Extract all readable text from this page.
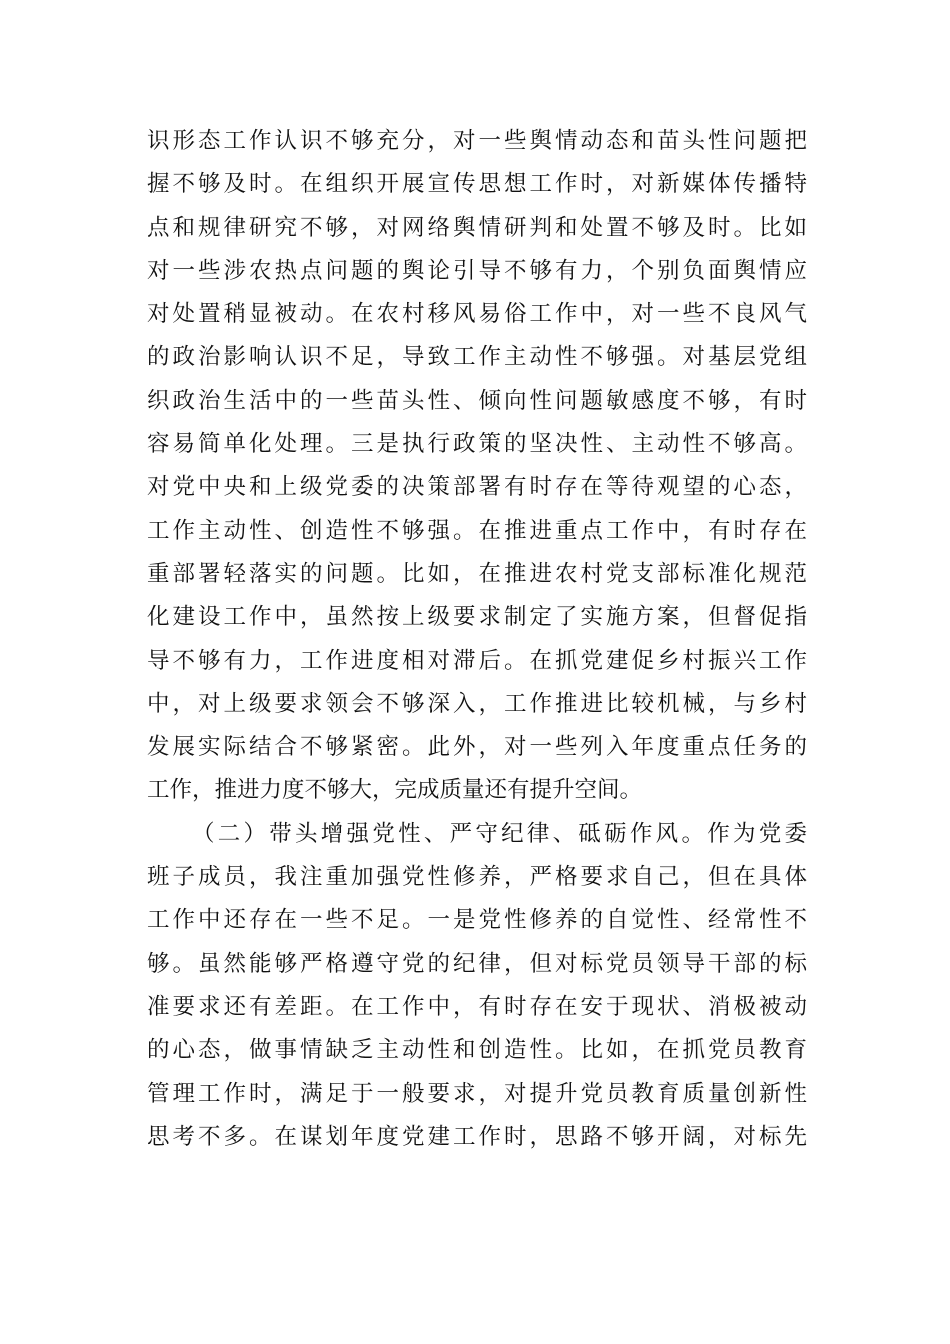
识形态工作认识不够充分，对一些舆情动态和苗头性问题把
握不够及时。在组织开展宣传思想工作时，对新媒体传播特
点和规律研究不够，对网络舆情研判和处置不够及时。比如
对一些涉农热点问题的舆论引导不够有力，个别负面舆情应
对处置稍显被动。在农村移风易俗工作中，对一些不良风气
的政治影响认识不足，导致工作主动性不够强。对基层党组
织政治生活中的一些苗头性、倾向性问题敏感度不够，有时
容易简单化处理。三是执行政策的坚决性、主动性不够高。
对党中央和上级党委的决策部署有时存在等待观望的心态，
工作主动性、创造性不够强。在推进重点工作中，有时存在
重部署轻落实的问题。比如，在推进农村党支部标准化规范
化建设工作中，虽然按上级要求制定了实施方案，但督促指
导不够有力，工作进度相对滞后。在抓党建促乡村振兴工作
中，对上级要求领会不够深入，工作推进比较机械，与乡村
发展实际结合不够紧密。此外，对一些列入年度重点任务的
工作，推进力度不够大，完成质量还有提升空间。
（二）带头增强党性、严守纪律、砥砺作风。作为党委
班子成员，我注重加强党性修养，严格要求自己，但在具体
工作中还存在一些不足。一是党性修养的自觉性、经常性不
够。虽然能够严格遵守党的纪律，但对标党员领导干部的标
准要求还有差距。在工作中，有时存在安于现状、消极被动
的心态，做事情缺乏主动性和创造性。比如，在抓党员教育
管理工作时，满足于一般要求，对提升党员教育质量创新性
思考不多。在谋划年度党建工作时，思路不够开阔，对标先
